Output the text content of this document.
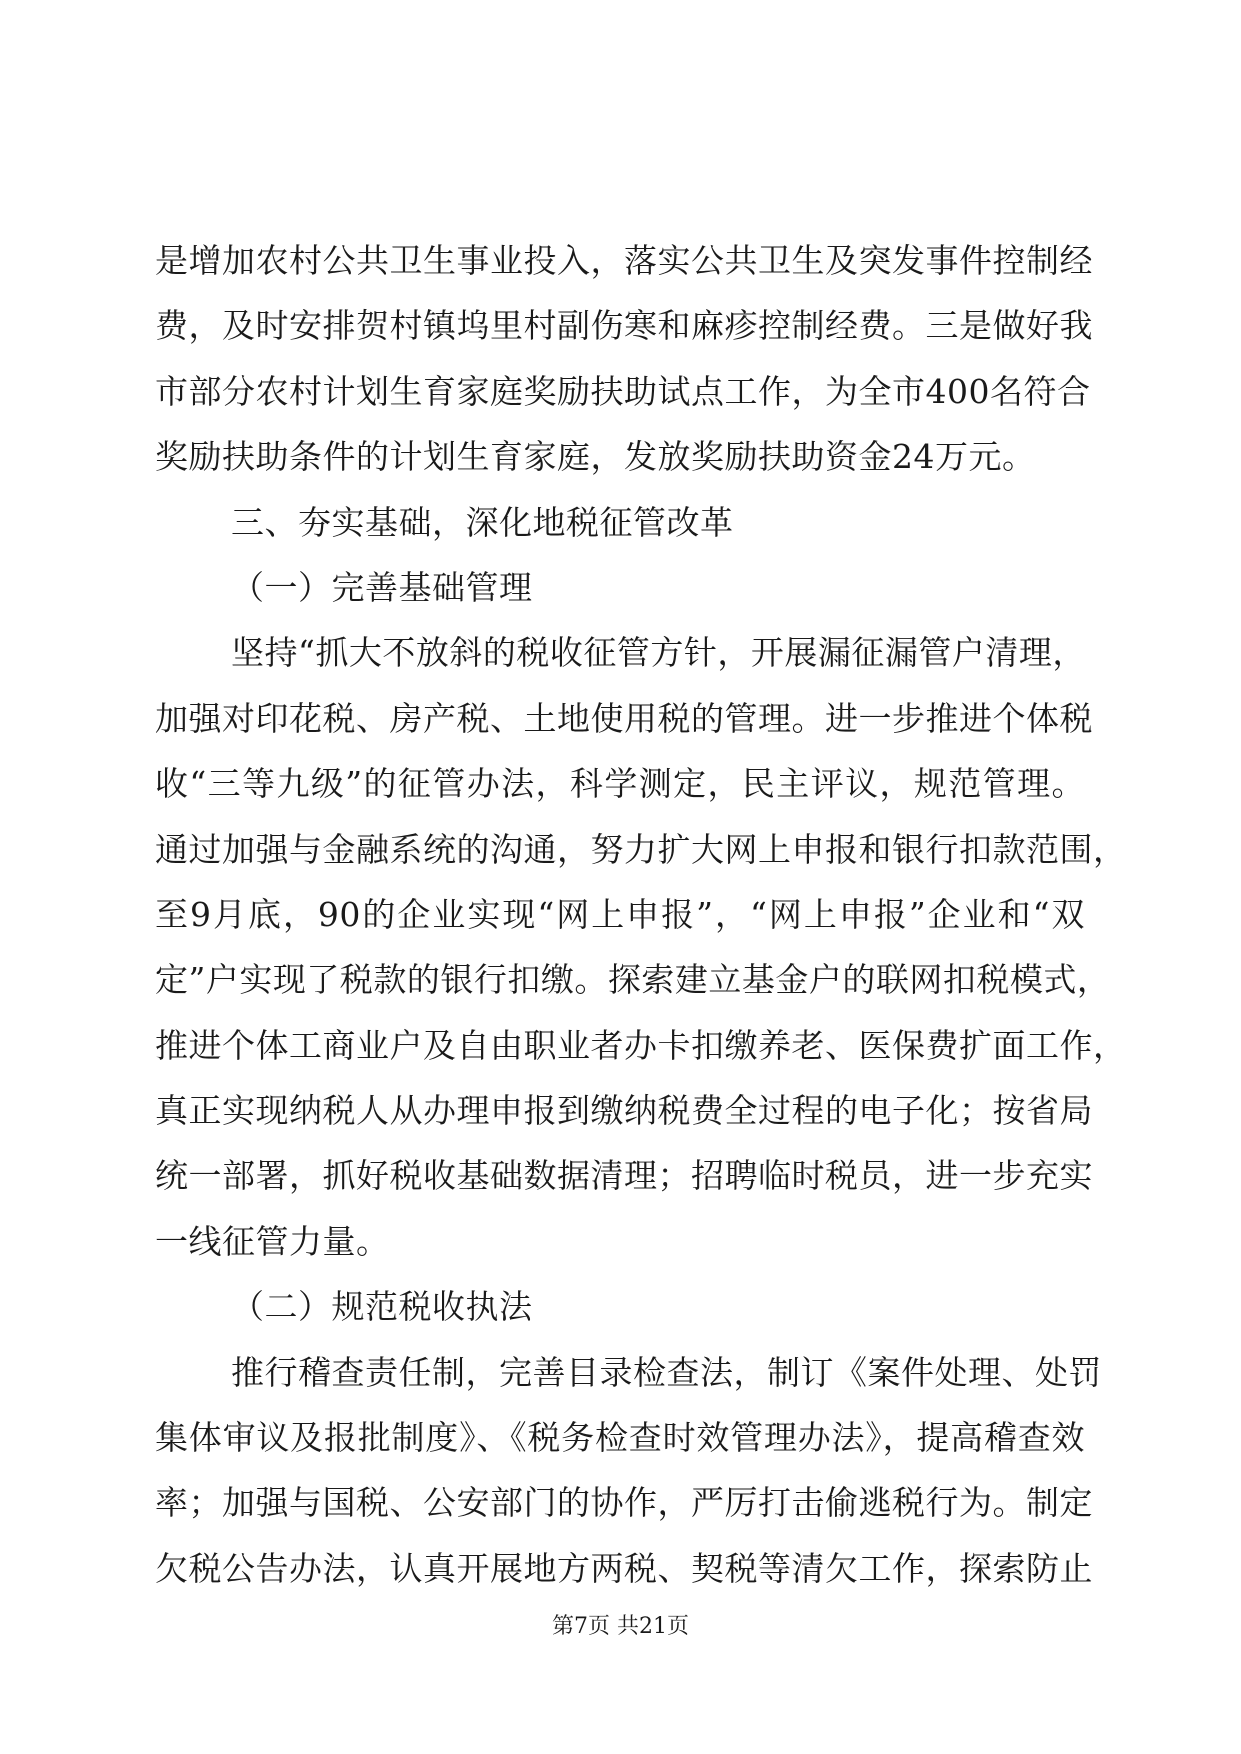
是增加农村公共卫生事业投入，落实公共卫生及突发事件控制经
费，及时安排贺村镇坞里村副伤寒和麻疹控制经费。三是做好我
市部分农村计划生育家庭奖励扶助试点工作，为全市400名符合
奖励扶助条件的计划生育家庭，发放奖励扶助资金24万元。
三、夯实基础，深化地税征管改革
（一）完善基础管理
坚持“抓大不放斜的税收征管方针，开展漏征漏管户清理，
加强对印花税、房产税、土地使用税的管理。进一步推进个体税
收“三等九级”的征管办法，科学测定，民主评议，规范管理。
通过加强与金融系统的沟通，努力扩大网上申报和银行扣款范围，
至9月底，90的企业实现“网上申报”，“网上申报”企业和“双
定”户实现了税款的银行扣缴。探索建立基金户的联网扣税模式，
推进个体工商业户及自由职业者办卡扣缴养老、医保费扩面工作，
真正实现纳税人从办理申报到缴纳税费全过程的电子化；按省局
统一部署，抓好税收基础数据清理；招聘临时税员，进一步充实
一线征管力量。
（二）规范税收执法
推行稽查责任制，完善目录检查法，制订《案件处理、处罚
集体审议及报批制度》、《税务检查时效管理办法》，提高稽查效
率；加强与国税、公安部门的协作，严厉打击偷逃税行为。制定
欠税公告办法，认真开展地方两税、契税等清欠工作，探索防止
第7页 共21页
